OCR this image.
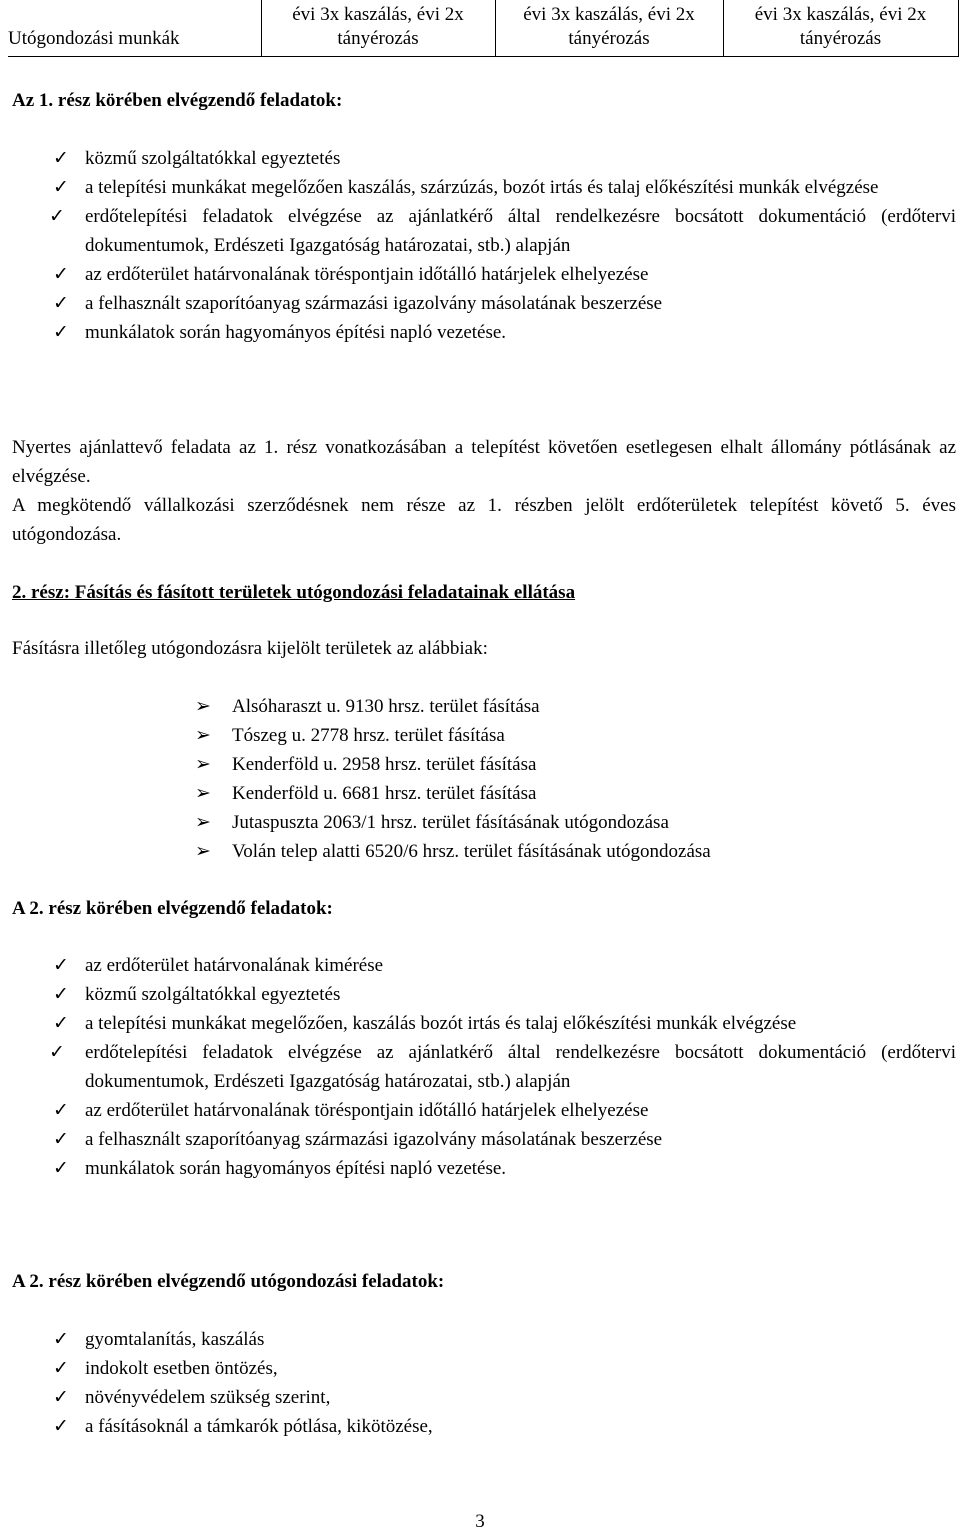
Utógondozási munkák	évi 3x kaszálás, évi 2x tányérozás	évi 3x kaszálás, évi 2x tányérozás	évi 3x kaszálás, évi 2x tányérozás
Az 1. rész körében elvégzendő feladatok:
✓ közmű szolgáltatókkal egyeztetés
✓ a telepítési munkákat megelőzően kaszálás, szárzúzás, bozót irtás és talaj előkészítési munkák elvégzése
✓	erdőtelepítési feladatok elvégzése az ajánlatkérő által rendelkezésre bocsátott dokumentáció (erdőtervi dokumentumok, Erdészeti Igazgatóság határozatai, stb.) alapján
✓ az erdőterület határvonalának töréspontjain időtálló határjelek elhelyezése
✓ a felhasznált szaporítóanyag származási igazolvány másolatának beszerzése
✓ munkálatok során hagyományos építési napló vezetése.
Nyertes ajánlattevő feladata az 1. rész vonatkozásában a telepítést követően esetlegesen elhalt állomány pótlásának az elvégzése.
A megkötendő vállalkozási szerződésnek nem része az 1. részben jelölt erdőterületek telepítést követő 5. éves utógondozása.
2. rész: Fásítás és fásított területek utógondozási feladatainak ellátása
Fásításra illetőleg utógondozásra kijelölt területek az alábbiak:
➢ Alsóharaszt u. 9130 hrsz. terület fásítása
➢ Tószeg u. 2778 hrsz. terület fásítása
➢ Kenderföld u. 2958 hrsz. terület fásítása
➢ Kenderföld u. 6681 hrsz. terület fásítása
➢ Jutaspuszta 2063/1 hrsz. terület fásításának utógondozása
➢ Volán telep alatti 6520/6 hrsz. terület fásításának utógondozása
A 2. rész körében elvégzendő feladatok:
✓ az erdőterület határvonalának kimérése
✓ közmű szolgáltatókkal egyeztetés
✓ a telepítési munkákat megelőzően, kaszálás bozót irtás és talaj előkészítési munkák elvégzése
✓	erdőtelepítési feladatok elvégzése az ajánlatkérő által rendelkezésre bocsátott dokumentáció (erdőtervi dokumentumok, Erdészeti Igazgatóság határozatai, stb.) alapján
✓ az erdőterület határvonalának töréspontjain időtálló határjelek elhelyezése
✓ a felhasznált szaporítóanyag származási igazolvány másolatának beszerzése
✓ munkálatok során hagyományos építési napló vezetése.
A 2. rész körében elvégzendő utógondozási feladatok:
✓ gyomtalanítás, kaszálás
✓ indokolt esetben öntözés,
✓ növényvédelem szükség szerint,
✓ a fásításoknál a támkarók pótlása, kikötözése,
3
